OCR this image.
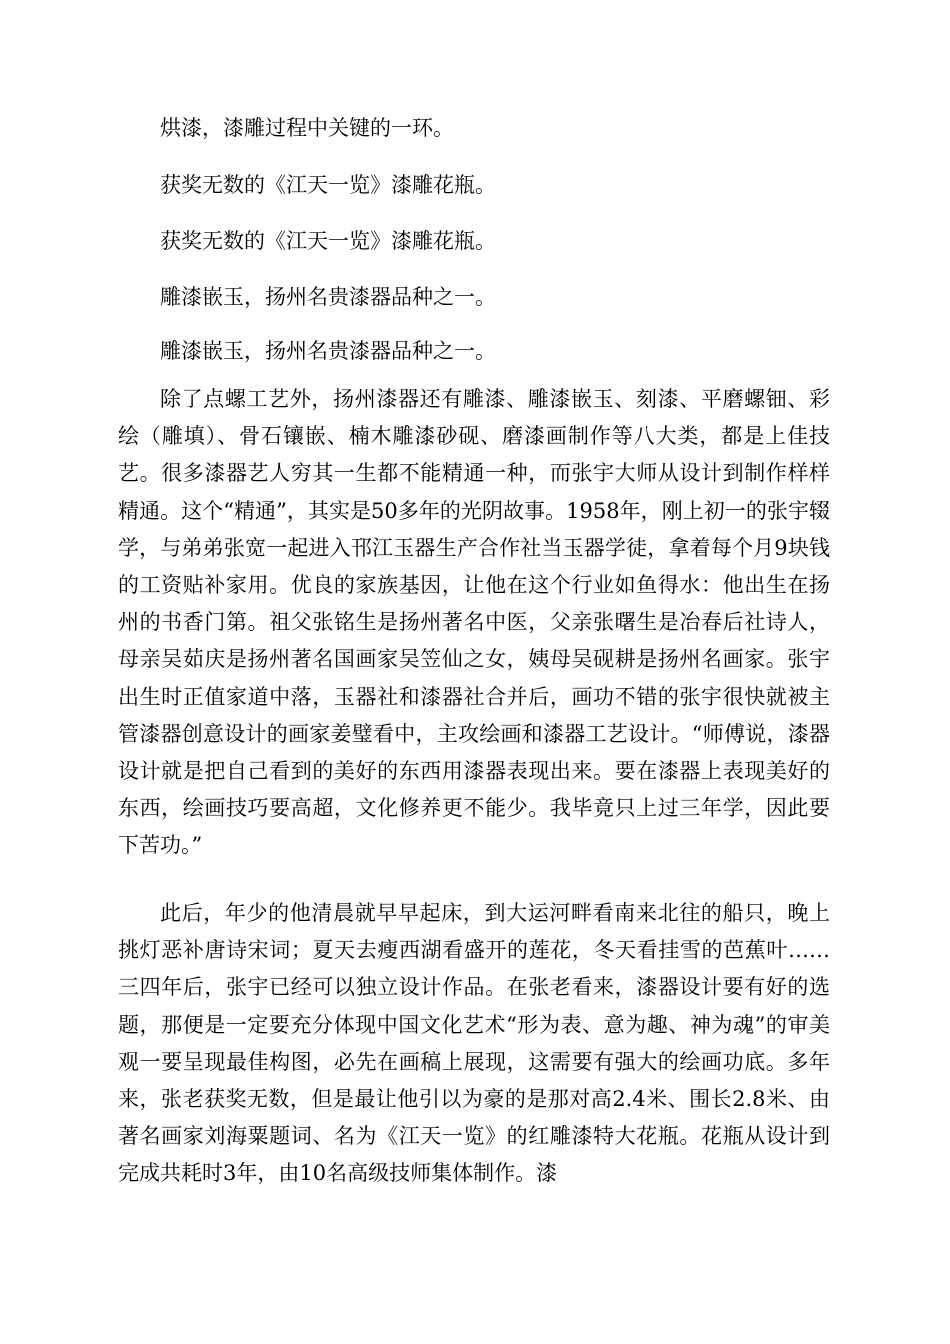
烘漆，漆雕过程中关键的一环。

获奖无数的《江天一览》漆雕花瓶。

获奖无数的《江天一览》漆雕花瓶。

雕漆嵌玉，扬州名贵漆器品种之一。

雕漆嵌玉，扬州名贵漆器品种之一。

除了点螺工艺外，扬州漆器还有雕漆、雕漆嵌玉、刻漆、平磨螺钿、彩绘（雕填）、骨石镶嵌、楠木雕漆砂砚、磨漆画制作等八大类，都是上佳技艺。很多漆器艺人穷其一生都不能精通一种，而张宇大师从设计到制作样样精通。这个“精通”，其实是50多年的光阴故事。1958年，刚上初一的张宇辍学，与弟弟张宽一起进入邗江玉器生产合作社当玉器学徒，拿着每个月9块钱的工资贴补家用。优良的家族基因，让他在这个行业如鱼得水：他出生在扬州的书香门第。祖父张铭生是扬州著名中医，父亲张曙生是冶春后社诗人，母亲吴茹庆是扬州著名国画家吴笠仙之女，姨母吴砚耕是扬州名画家。张宇出生时正值家道中落，玉器社和漆器社合并后，画功不错的张宇很快就被主管漆器创意设计的画家姜璧看中，主攻绘画和漆器工艺设计。“师傅说，漆器设计就是把自己看到的美好的东西用漆器表现出来。要在漆器上表现美好的东西，绘画技巧要高超，文化修养更不能少。我毕竟只上过三年学，因此要下苦功。”

此后，年少的他清晨就早早起床，到大运河畔看南来北往的船只，晚上挑灯恶补唐诗宋词；夏天去瘦西湖看盛开的莲花，冬天看挂雪的芭蕉叶……三四年后，张宇已经可以独立设计作品。在张老看来，漆器设计要有好的选题，那便是一定要充分体现中国文化艺术“形为表、意为趣、神为魂”的审美观一要呈现最佳构图，必先在画稿上展现，这需要有强大的绘画功底。多年来，张老获奖无数，但是最让他引以为豪的是那对高2.4米、围长2.8米、由著名画家刘海粟题词、名为《江天一览》的红雕漆特大花瓶。花瓶从设计到完成共耗时3年，由10名高级技师集体制作。漆
